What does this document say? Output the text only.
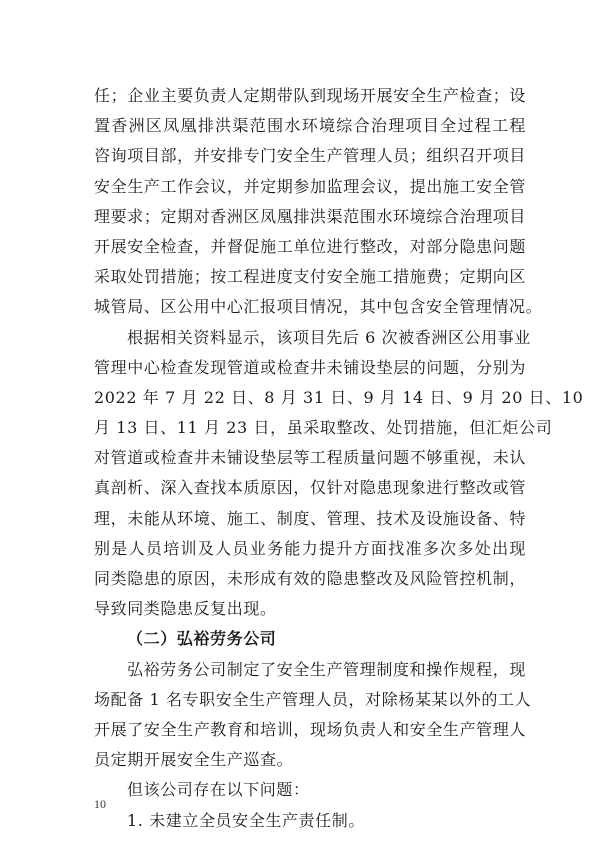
任；企业主要负责人定期带队到现场开展安全生产检查；设
置香洲区凤凰排洪渠范围水环境综合治理项目全过程工程
咨询项目部，并安排专门安全生产管理人员；组织召开项目
安全生产工作会议，并定期参加监理会议，提出施工安全管
理要求；定期对香洲区凤凰排洪渠范围水环境综合治理项目
开展安全检查，并督促施工单位进行整改，对部分隐患问题
采取处罚措施；按工程进度支付安全施工措施费；定期向区
城管局、区公用中心汇报项目情况，其中包含安全管理情况。
根据相关资料显示，该项目先后 6 次被香洲区公用事业
管理中心检查发现管道或检查井未铺设垫层的问题，分别为
2022 年 7 月 22 日、8 月 31 日、9 月 14 日、9 月 20 日、10
月 13 日、11 月 23 日，虽采取整改、处罚措施，但汇炬公司
对管道或检查井未铺设垫层等工程质量问题不够重视，未认
真剖析、深入查找本质原因，仅针对隐患现象进行整改或管
理，未能从环境、施工、制度、管理、技术及设施设备、特
别是人员培训及人员业务能力提升方面找准多次多处出现
同类隐患的原因，未形成有效的隐患整改及风险管控机制，
导致同类隐患反复出现。
（二）弘裕劳务公司
弘裕劳务公司制定了安全生产管理制度和操作规程，现
场配备 1 名专职安全生产管理人员，对除杨某某以外的工人
开展了安全生产教育和培训，现场负责人和安全生产管理人
员定期开展安全生产巡查。
但该公司存在以下问题：
1. 未建立全员安全生产责任制。
10
